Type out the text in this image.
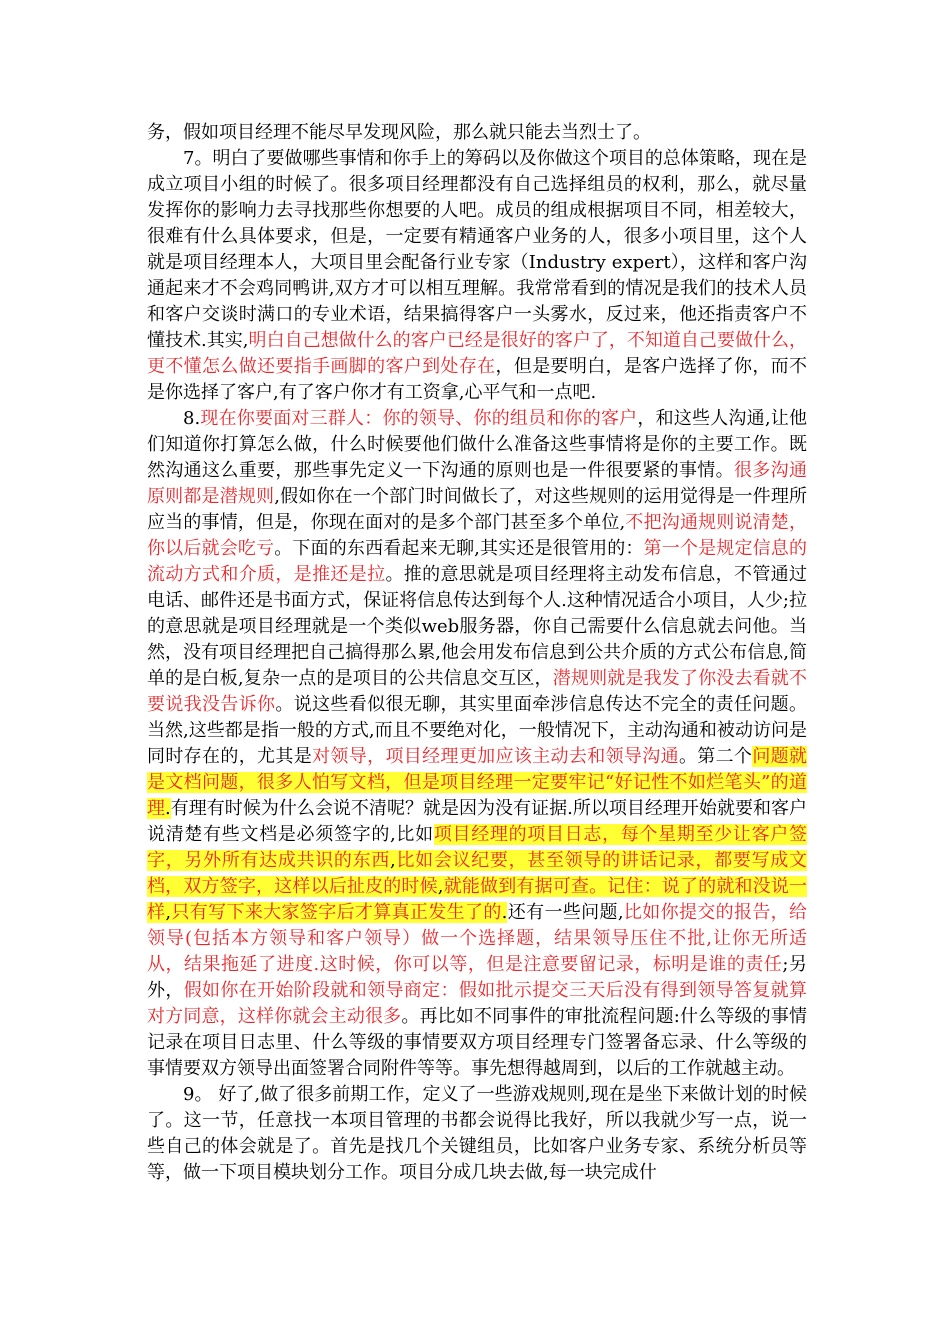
务，假如项目经理不能尽早发现风险，那么就只能去当烈士了。

7。明白了要做哪些事情和你手上的筹码以及你做这个项目的总体策略，现在是成立项目小组的时候了。很多项目经理都没有自己选择组员的权利，那么，就尽量发挥你的影响力去寻找那些你想要的人吧。成员的组成根据项目不同，相差较大，很难有什么具体要求，但是，一定要有精通客户业务的人，很多小项目里，这个人就是项目经理本人，大项目里会配备行业专家（Industry expert），这样和客户沟通起来才不会鸡同鸭讲,双方才可以相互理解。我常常看到的情况是我们的技术人员和客户交谈时满口的专业术语，结果搞得客户一头雾水，反过来，他还指责客户不懂技术.其实,明白自己想做什么的客户已经是很好的客户了，不知道自己要做什么，更不懂怎么做还要指手画脚的客户到处存在，但是要明白，是客户选择了你，而不是你选择了客户,有了客户你才有工资拿,心平气和一点吧.

8.现在你要面对三群人：你的领导、你的组员和你的客户，和这些人沟通,让他们知道你打算怎么做，什么时候要他们做什么准备这些事情将是你的主要工作。既然沟通这么重要，那些事先定义一下沟通的原则也是一件很要紧的事情。很多沟通原则都是潜规则,假如你在一个部门时间做长了，对这些规则的运用觉得是一件理所应当的事情，但是，你现在面对的是多个部门甚至多个单位,不把沟通规则说清楚，你以后就会吃亏。下面的东西看起来无聊,其实还是很管用的：第一个是规定信息的流动方式和介质，是推还是拉。推的意思就是项目经理将主动发布信息，不管通过电话、邮件还是书面方式，保证将信息传达到每个人.这种情况适合小项目，人少;拉的意思就是项目经理就是一个类似web服务器，你自己需要什么信息就去问他。当然，没有项目经理把自己搞得那么累,他会用发布信息到公共介质的方式公布信息,简单的是白板,复杂一点的是项目的公共信息交互区，潜规则就是我发了你没去看就不要说我没告诉你。说这些看似很无聊，其实里面牵涉信息传达不完全的责任问题。当然,这些都是指一般的方式,而且不要绝对化，一般情况下，主动沟通和被动访问是同时存在的，尤其是对领导，项目经理更加应该主动去和领导沟通。第二个问题就是文档问题，很多人怕写文档，但是项目经理一定要牢记“好记性不如烂笔头”的道理.有理有时候为什么会说不清呢？就是因为没有证据.所以项目经理开始就要和客户说清楚有些文档是必须签字的,比如项目经理的项目日志，每个星期至少让客户签字，另外所有达成共识的东西,比如会议纪要，甚至领导的讲话记录，都要写成文档，双方签字，这样以后扯皮的时候,就能做到有据可查。记住：说了的就和没说一样,只有写下来大家签字后才算真正发生了的.还有一些问题,比如你提交的报告，给领导(包括本方领导和客户领导）做一个选择题，结果领导压住不批,让你无所适从，结果拖延了进度.这时候，你可以等，但是注意要留记录，标明是谁的责任;另外，假如你在开始阶段就和领导商定：假如批示提交三天后没有得到领导答复就算对方同意，这样你就会主动很多。再比如不同事件的审批流程问题:什么等级的事情记录在项目日志里、什么等级的事情要双方项目经理专门签署备忘录、什么等级的事情要双方领导出面签署合同附件等等。事先想得越周到，以后的工作就越主动。

9。 好了,做了很多前期工作，定义了一些游戏规则,现在是坐下来做计划的时候了。这一节，任意找一本项目管理的书都会说得比我好，所以我就少写一点，说一些自己的体会就是了。首先是找几个关键组员，比如客户业务专家、系统分析员等等，做一下项目模块划分工作。项目分成几块去做,每一块完成什
